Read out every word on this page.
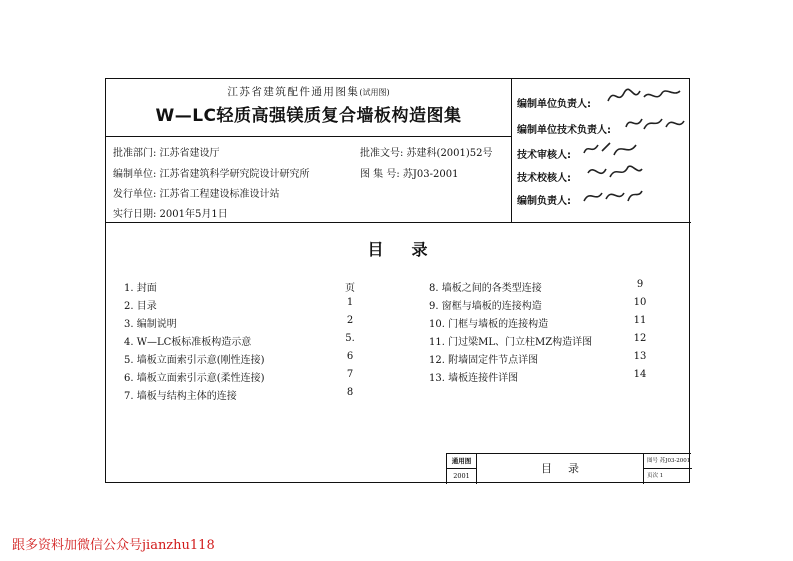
江苏省建筑配件通用图集(试用图)
W—LC轻质高强镁质复合墙板构造图集
批准部门: 江苏省建设厅
编制单位: 江苏省建筑科学研究院设计研究所
发行单位: 江苏省工程建设标准设计站
实行日期: 2001年5月1日
批准文号: 苏建科(2001)52号
图 集 号: 苏J03-2001
编制单位负责人:
编制单位技术负责人:
技术审核人:
技术校核人:
编制负责人:
目录
1. 封面	页
2. 目录	1
3. 编制说明	2
4. W—LC板标准板构造示意	5.
5. 墙板立面索引示意(刚性连接)	6
6. 墙板立面索引示意(柔性连接)	7
7. 墙板与结构主体的连接	8
8. 墙板之间的各类型连接	9
9. 窗框与墙板的连接构造	10
10. 门框与墙板的连接构造	11
11. 门过梁ML、门立柱MZ构造详图	12
12. 附墙固定件节点详图	13
13. 墙板连接件详图	14
通用图
2001
目录
图号 苏J03-2001
页次 1
跟多资料加微信公众号jianzhu118
